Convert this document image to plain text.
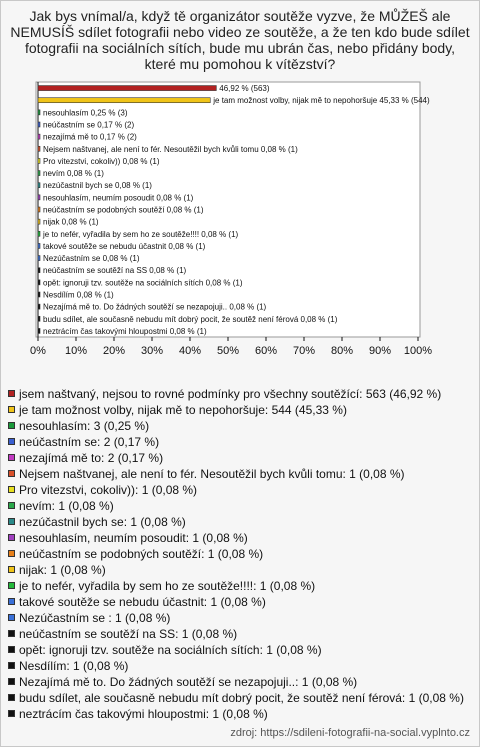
Jak bys vnímal/a, když tě organizátor soutěže vyzve, že MŮŽEŠ ale NEMUSÍŠ sdílet fotografii nebo video ze soutěže, a že ten kdo bude sdílet fotografii na sociálních sítích, bude mu ubrán čas, nebo přidány body, které mu pomohou k vítězství?
46,92 % (563)
je tam možnost volby, nijak mě to nepohoršuje 45,33 % (544)
nesouhlasím 0,25 % (3)
neúčastním se 0,17 % (2)
nezajímá mě to 0,17 % (2)
Nejsem naštvanej, ale není to fér. Nesoutěžil bych kvůli tomu 0,08 % (1)
Pro vitezstvi, cokoliv)) 0,08 % (1)
nevím 0,08 % (1)
nezúčastnil bych se 0,08 % (1)
nesouhlasím, neumím posoudit 0,08 % (1)
neúčastním se podobných soutěží 0,08 % (1)
nijak 0,08 % (1)
je to nefér, vyřadila by sem ho ze soutěže!!!! 0,08 % (1)
takové soutěže se nebudu účastnit 0,08 % (1)
Nezúčastním se 0,08 % (1)
neúčastním se soutěží na SS 0,08 % (1)
opět: ignoruji tzv. soutěže na sociálních sítích 0,08 % (1)
Nesdílím 0,08 % (1)
Nezajímá mě to. Do žádných soutěží se nezapojuji.. 0,08 % (1)
budu sdílet, ale současně nebudu mít dobrý pocit, že soutěž není férová 0,08 % (1)
neztrácím čas takovými hloupostmi 0,08 % (1)
0% 10% 20% 30% 40% 50% 60% 70% 80% 90% 100%
jsem naštvaný, nejsou to rovné podmínky pro všechny soutěžící: 563 (46,92 %)
je tam možnost volby, nijak mě to nepohoršuje: 544 (45,33 %)
nesouhlasím: 3 (0,25 %)
neúčastním se: 2 (0,17 %)
nezajímá mě to: 2 (0,17 %)
Nejsem naštvanej, ale není to fér. Nesoutěžil bych kvůli tomu: 1 (0,08 %)
Pro vitezstvi, cokoliv)): 1 (0,08 %)
nevím: 1 (0,08 %)
nezúčastnil bych se: 1 (0,08 %)
nesouhlasím, neumím posoudit: 1 (0,08 %)
neúčastním se podobných soutěží: 1 (0,08 %)
nijak: 1 (0,08 %)
je to nefér, vyřadila by sem ho ze soutěže!!!!: 1 (0,08 %)
takové soutěže se nebudu účastnit: 1 (0,08 %)
Nezúčastním se : 1 (0,08 %)
neúčastním se soutěží na SS: 1 (0,08 %)
opět: ignoruji tzv. soutěže na sociálních sítích: 1 (0,08 %)
Nesdílím: 1 (0,08 %)
Nezajímá mě to. Do žádných soutěží se nezapojuji..: 1 (0,08 %)
budu sdílet, ale současně nebudu mít dobrý pocit, že soutěž není férová: 1 (0,08 %)
neztrácím čas takovými hloupostmi: 1 (0,08 %)
zdroj: https://sdileni-fotografii-na-social.vyplnto.cz
